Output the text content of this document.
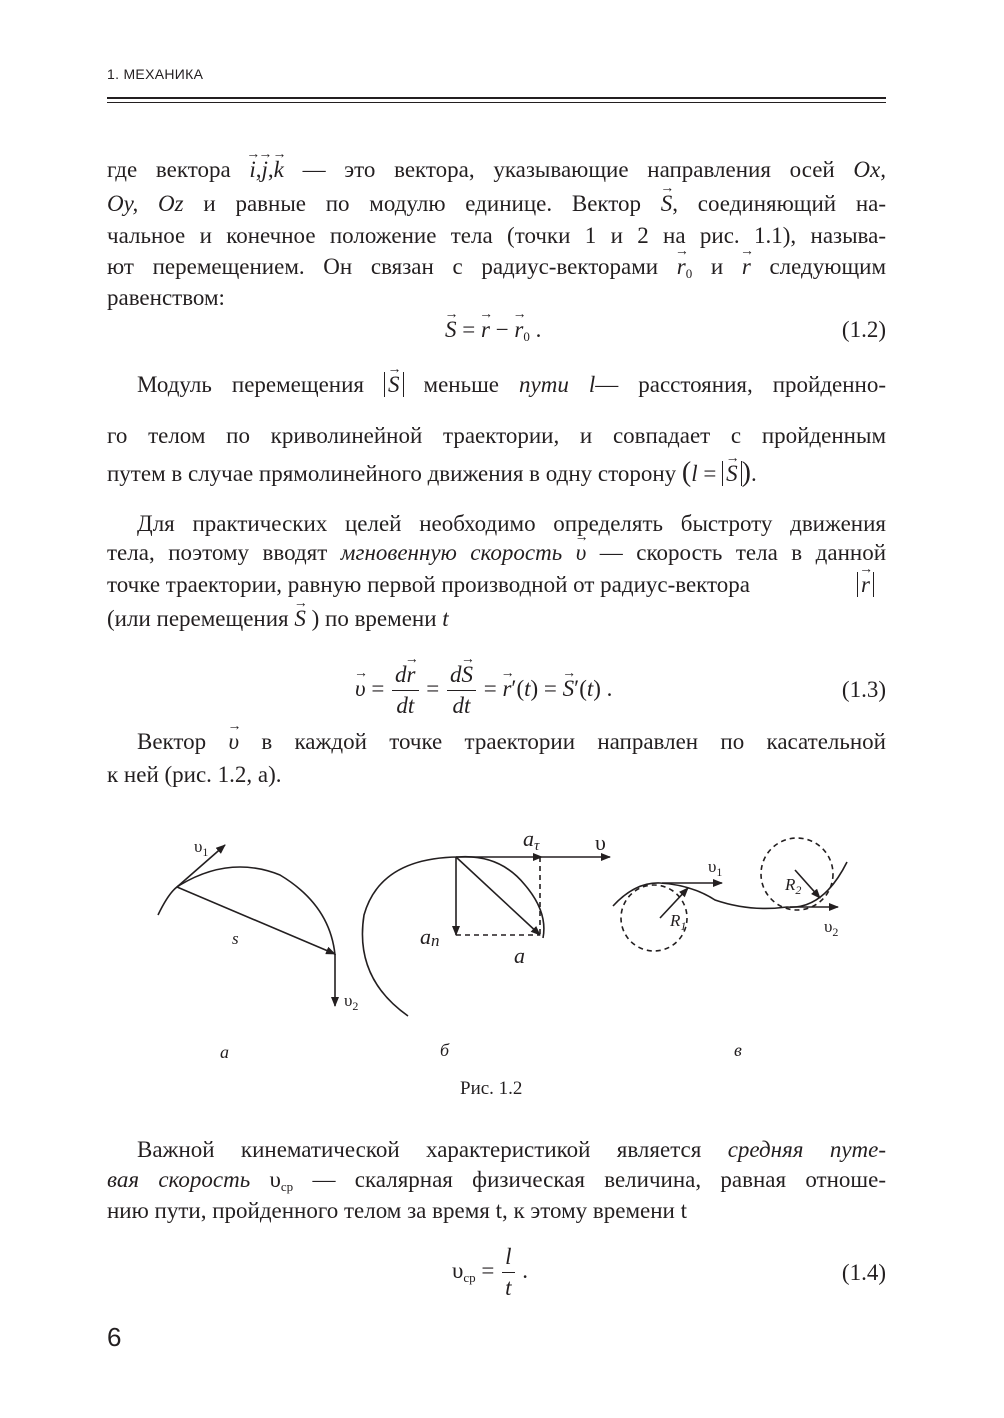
1. МЕХАНИКА
где вектора → i,→ j,→ k — это вектора, указывающие направления осей Ox,
Oy, Oz и равные по модулю единице. Вектор → S, соединяющий на-
чальное и конечное положение тела (точки 1 и 2 на рис. 1.1), называ-
ют перемещением. Он связан с радиус-векторами → $r_0$ и → r следующим
равенством:
→ S = → r − → $r_0$ .	(1.2)
Модуль перемещения → S меньше пути l— расстояния, пройденно-
го телом по криволинейной траектории, и совпадает с пройденным
путем в случае прямолинейного движения в одну сторону (l = → S ).
Для практических целей необходимо определять быстроту движения
тела, поэтому вводят мгновенную скорость → υ — скорость тела в данной
точке траектории, равную первой производной от радиус-вектора	→ r
(или перемещения → S ) по времени t
→ $\upsilon = \frac{d\to r}{dt} = \frac{d\to S}{dt}$ = → r′(t) = → S′(t) .	(1.3)
Вектор → υ в каждой точке траектории направлен по касательной
к ней (рис. 1.2, а).
$\upsilon_1$
s
$\upsilon_2$
aτ	υ
an
a
$\upsilon_1$
$\upsilon_2$
$R_1$
$R_2$
а	б	в
Рис. 1.2
Важной кинематической характеристикой является средняя путе-
вая скорость $\upsilon_{ср}$ — скалярная физическая величина, равная отноше-
нию пути, пройденного телом за время t, к этому времени t
$\upsilon_{ср} = \frac{l}{t}$ .	(1.4)
6
